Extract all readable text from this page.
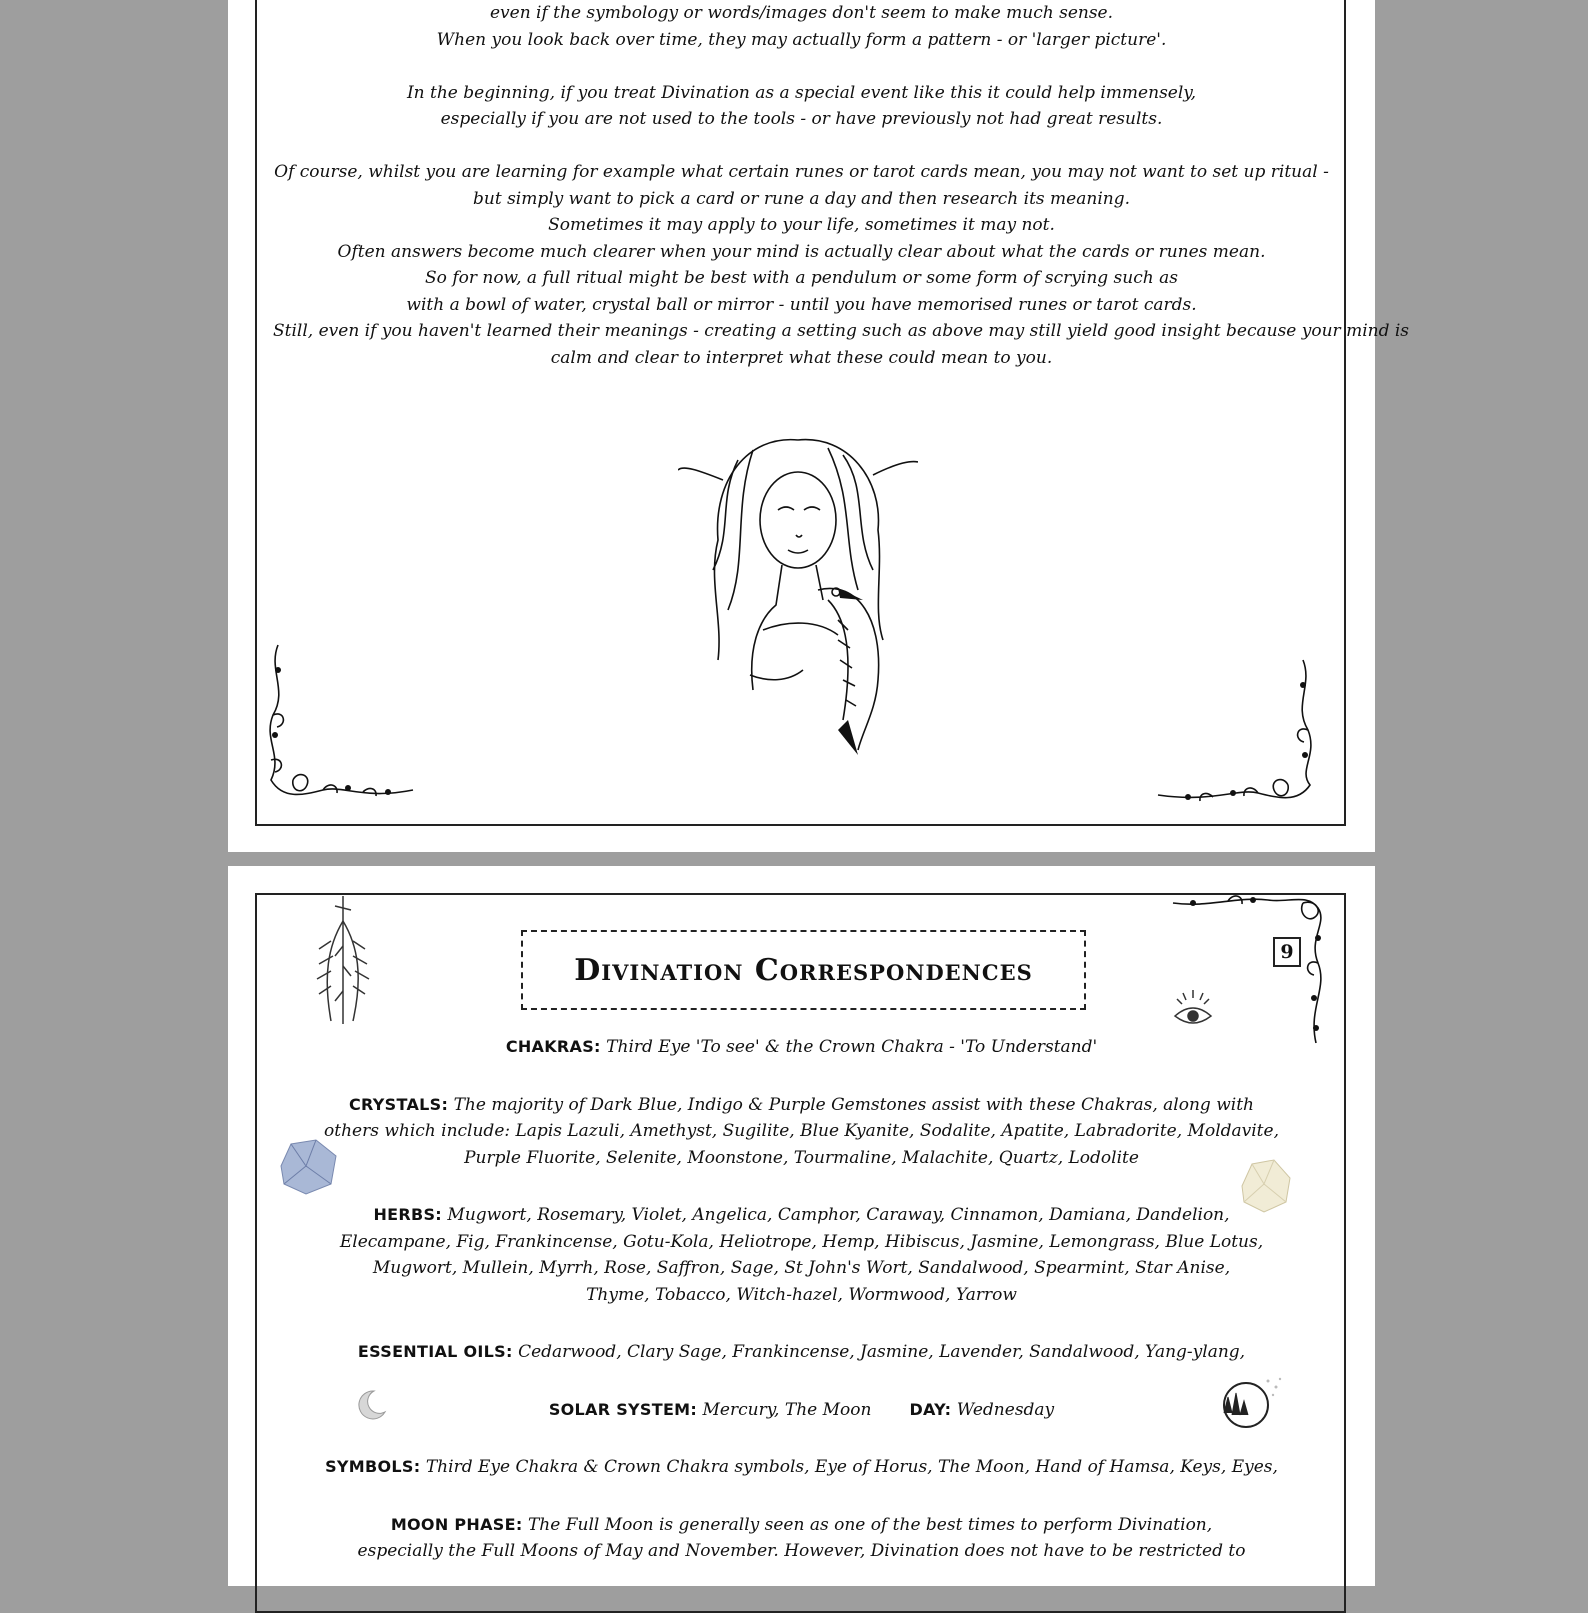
even if the symbology or words/images don't seem to make much sense.
When you look back over time, they may actually form a pattern - or 'larger picture'.
In the beginning, if you treat Divination as a special event like this it could help immensely,
especially if you are not used to the tools - or have previously not had great results.
Of course, whilst you are learning for example what certain runes or tarot cards mean, you may not want to set up ritual -
but simply want to pick a card or rune a day and then research its meaning.
Sometimes it may apply to your life, sometimes it may not.
Often answers become much clearer when your mind is actually clear about what the cards or runes mean.
So for now, a full ritual might be best with a pendulum or some form of scrying such as
with a bowl of water, crystal ball or mirror - until you have memorised runes or tarot cards.
Still, even if you haven't learned their meanings - creating a setting such as above may still yield good insight because your mind is
calm and clear to interpret what these could mean to you.
Divination Correspondences
9
CHAKRAS: Third Eye 'To see' & the Crown Chakra - 'To Understand'
CRYSTALS: The majority of Dark Blue, Indigo & Purple Gemstones assist with these Chakras, along with
others which include: Lapis Lazuli, Amethyst, Sugilite, Blue Kyanite, Sodalite, Apatite, Labradorite, Moldavite,
Purple Fluorite, Selenite, Moonstone, Tourmaline, Malachite, Quartz, Lodolite
HERBS: Mugwort, Rosemary, Violet, Angelica, Camphor, Caraway, Cinnamon, Damiana, Dandelion,
Elecampane, Fig, Frankincense, Gotu-Kola, Heliotrope, Hemp, Hibiscus, Jasmine, Lemongrass, Blue Lotus,
Mugwort, Mullein, Myrrh, Rose, Saffron, Sage, St John's Wort, Sandalwood, Spearmint, Star Anise,
Thyme, Tobacco, Witch-hazel, Wormwood, Yarrow
ESSENTIAL OILS: Cedarwood, Clary Sage, Frankincense, Jasmine, Lavender, Sandalwood, Yang-ylang,
SOLAR SYSTEM: Mercury, The Moon DAY: Wednesday
SYMBOLS: Third Eye Chakra & Crown Chakra symbols, Eye of Horus, The Moon, Hand of Hamsa, Keys, Eyes,
MOON PHASE: The Full Moon is generally seen as one of the best times to perform Divination,
especially the Full Moons of May and November. However, Divination does not have to be restricted to
